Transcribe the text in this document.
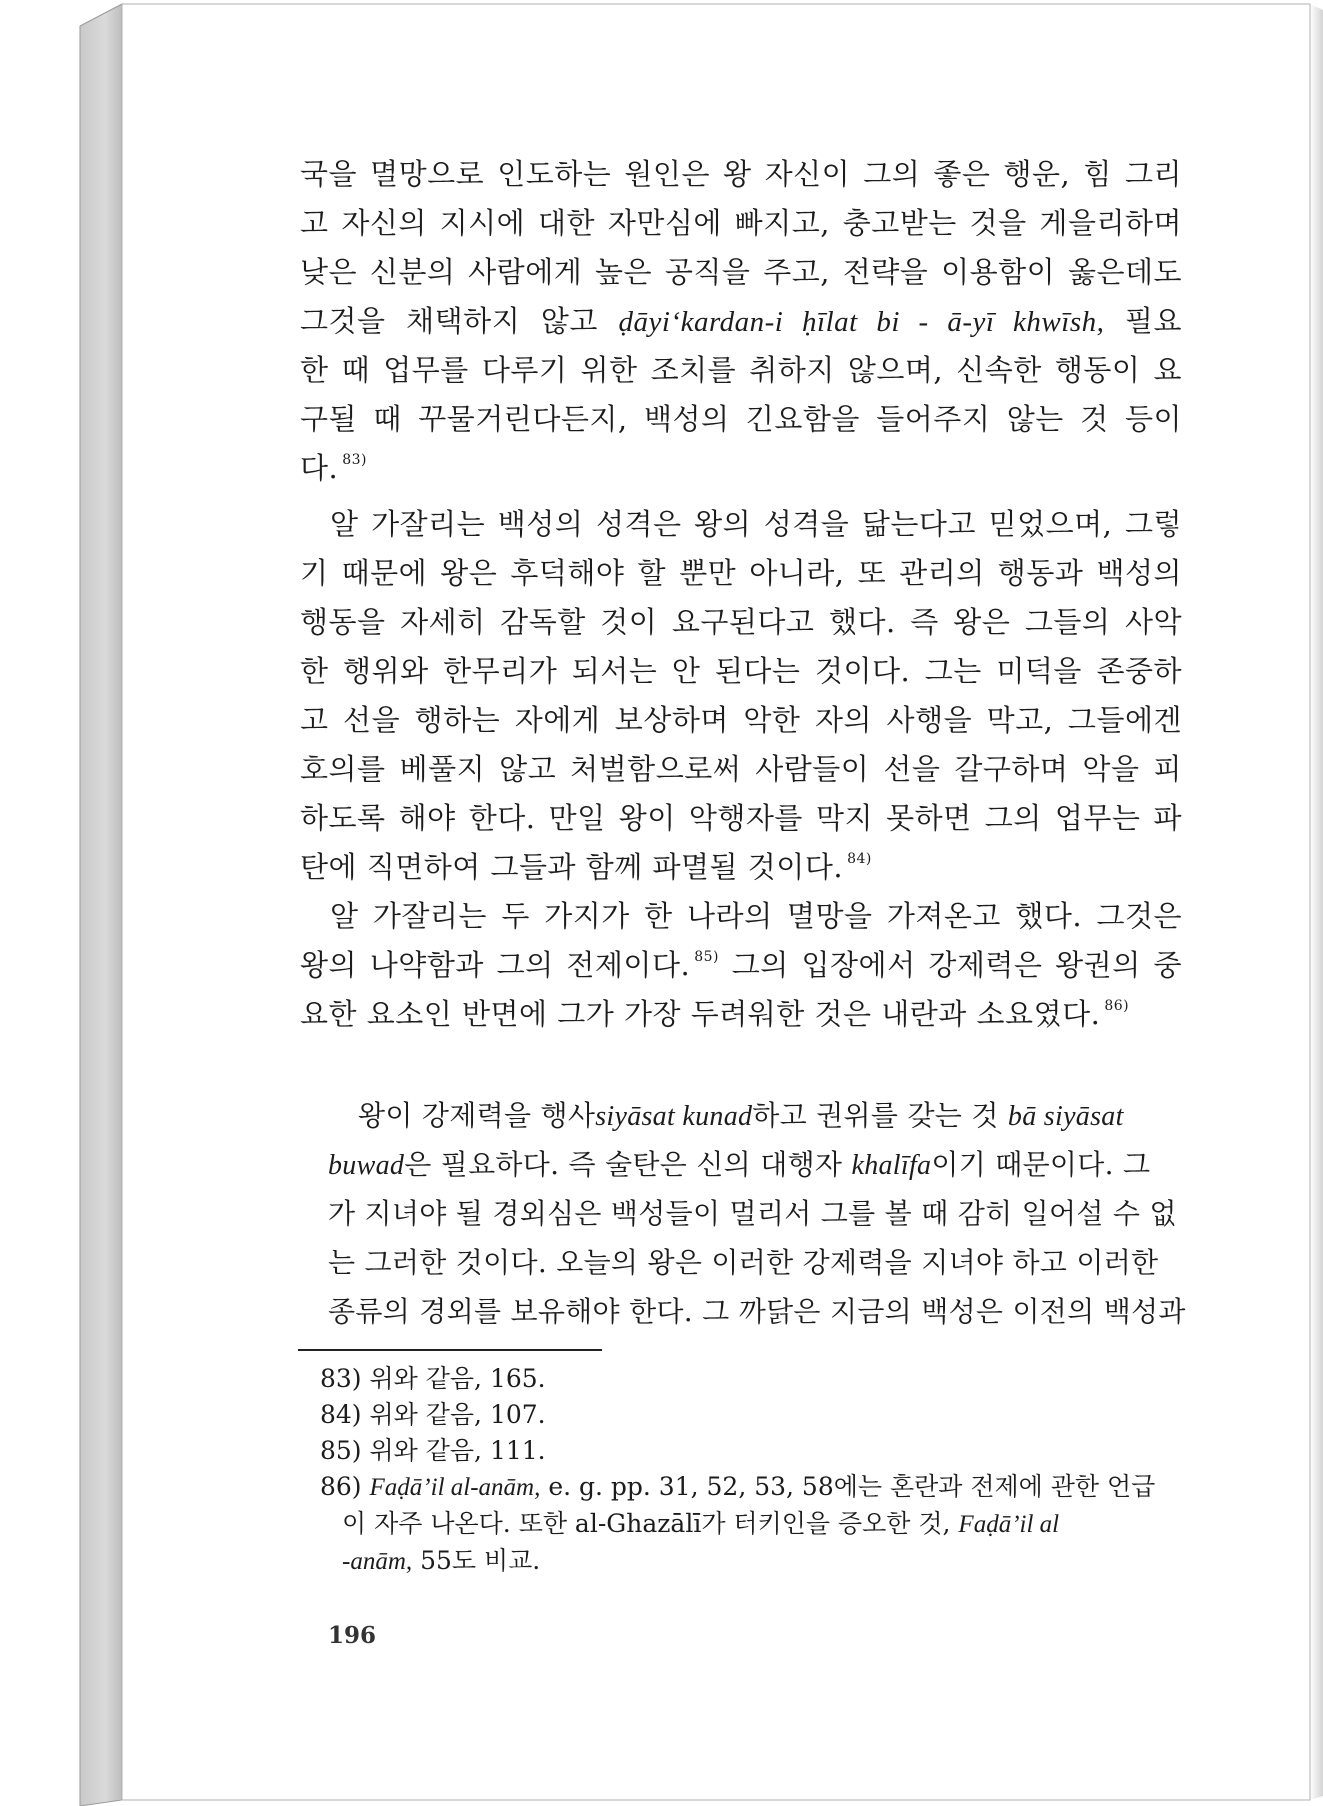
국을 멸망으로 인도하는 원인은 왕 자신이 그의 좋은 행운, 힘 그리
고 자신의 지시에 대한 자만심에 빠지고, 충고받는 것을 게을리하며
낮은 신분의 사람에게 높은 공직을 주고, 전략을 이용함이 옳은데도
그것을 채택하지 않고 ḍāyi‘kardan-i ḥīlat bi - ā-yī khwīsh, 필요
한 때 업무를 다루기 위한 조치를 취하지 않으며, 신속한 행동이 요
구될 때 꾸물거린다든지, 백성의 긴요함을 들어주지 않는 것 등이
다. $^{83)}$
알 가잘리는 백성의 성격은 왕의 성격을 닮는다고 믿었으며, 그렇
기 때문에 왕은 후덕해야 할 뿐만 아니라, 또 관리의 행동과 백성의
행동을 자세히 감독할 것이 요구된다고 했다. 즉 왕은 그들의 사악
한 행위와 한무리가 되서는 안 된다는 것이다. 그는 미덕을 존중하
고 선을 행하는 자에게 보상하며 악한 자의 사행을 막고, 그들에겐
호의를 베풀지 않고 처벌함으로써 사람들이 선을 갈구하며 악을 피
하도록 해야 한다. 만일 왕이 악행자를 막지 못하면 그의 업무는 파
탄에 직면하여 그들과 함께 파멸될 것이다. $^{84)}$
알 가잘리는 두 가지가 한 나라의 멸망을 가져온고 했다. 그것은
왕의 나약함과 그의 전제이다. $^{85)}$ 그의 입장에서 강제력은 왕권의 중
요한 요소인 반면에 그가 가장 두려워한 것은 내란과 소요였다. $^{86)}$
왕이 강제력을 행사siyāsat kunad하고 권위를 갖는 것 bā siyāsat
buwad은 필요하다. 즉 술탄은 신의 대행자 khalīfa이기 때문이다. 그
가 지녀야 될 경외심은 백성들이 멀리서 그를 볼 때 감히 일어설 수 없
는 그러한 것이다. 오늘의 왕은 이러한 강제력을 지녀야 하고 이러한
종류의 경외를 보유해야 한다. 그 까닭은 지금의 백성은 이전의 백성과
83) 위와 같음, 165.
84) 위와 같음, 107.
85) 위와 같음, 111.
86) Faḍā’il al-anām, e. g. pp. 31, 52, 53, 58에는 혼란과 전제에 관한 언급
이 자주 나온다. 또한 al-Ghazālī가 터키인을 증오한 것, Faḍā’il al
-anām, 55도 비교.
196
